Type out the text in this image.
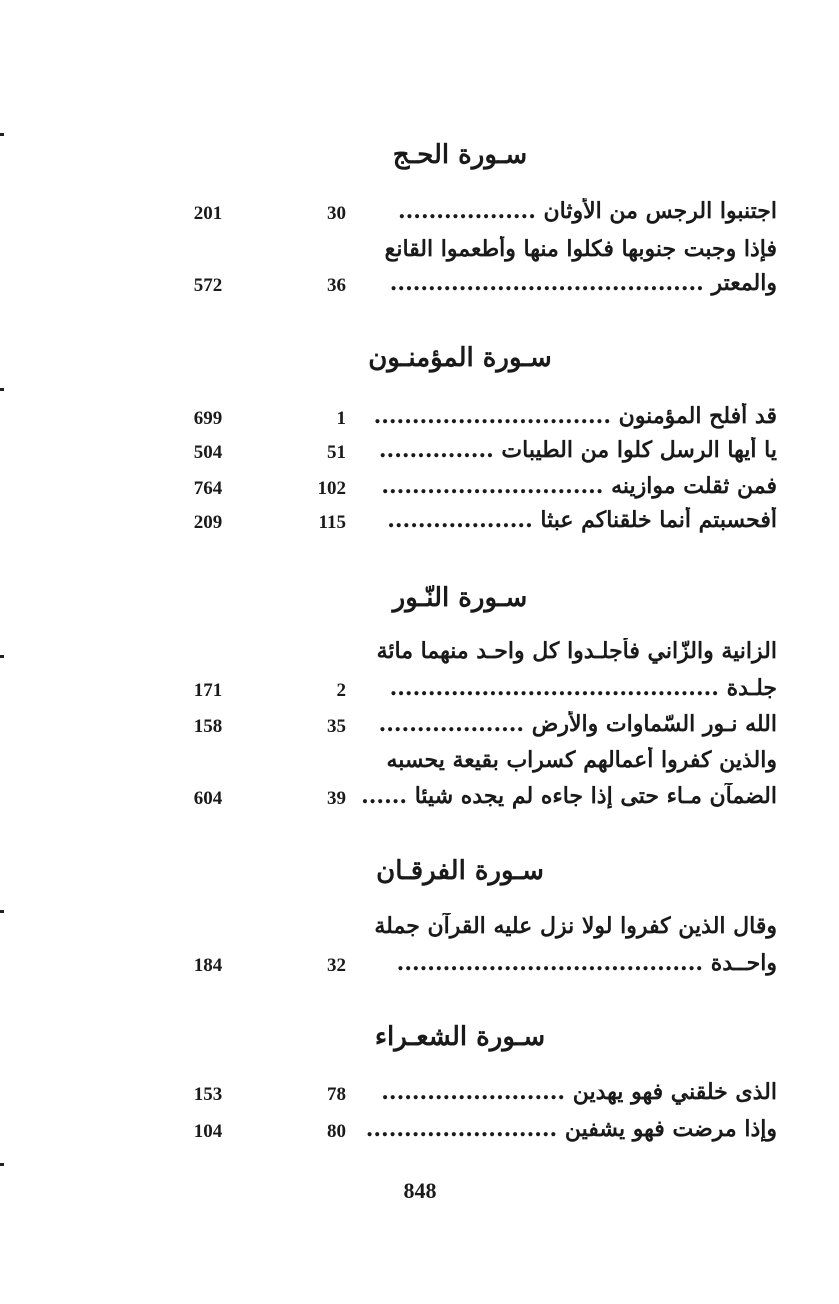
سـورة الحـج
اجتنبوا الرجس من الأوثان ..................
30
201
فإذا وجبت جنوبها فكلوا منها وأطعموا القانع
والمعتر .........................................
36
572
سـورة المؤمنـون
قد أفلح المؤمنون ...............................
1
699
يا أيها الرسل كلوا من الطيبات ...............
51
504
فمن ثقلت موازينه .............................
102
764
أفحسبتم أنما خلقناكم عبثا ...................
115
209
سـورة النّـور
الزانية والزّاني فأجلـدوا كل واحـد منهما مائة
جلـدة ...........................................
2
171
الله نـور السّماوات والأرض ...................
35
158
والذين كفروا أعمالهم كسراب بقيعة يحسبه
الضمآن مـاء حتى إذا جاءه لم يجده شيئا ......
39
604
سـورة الفرقـان
وقال الذين كفروا لولا نزل عليه القرآن جملة
واحــدة ........................................
32
184
سـورة الشعـراء
الذى خلقني فهو يهدين ........................
78
153
وإذا مرضت فهو يشفين .........................
80
104
848
